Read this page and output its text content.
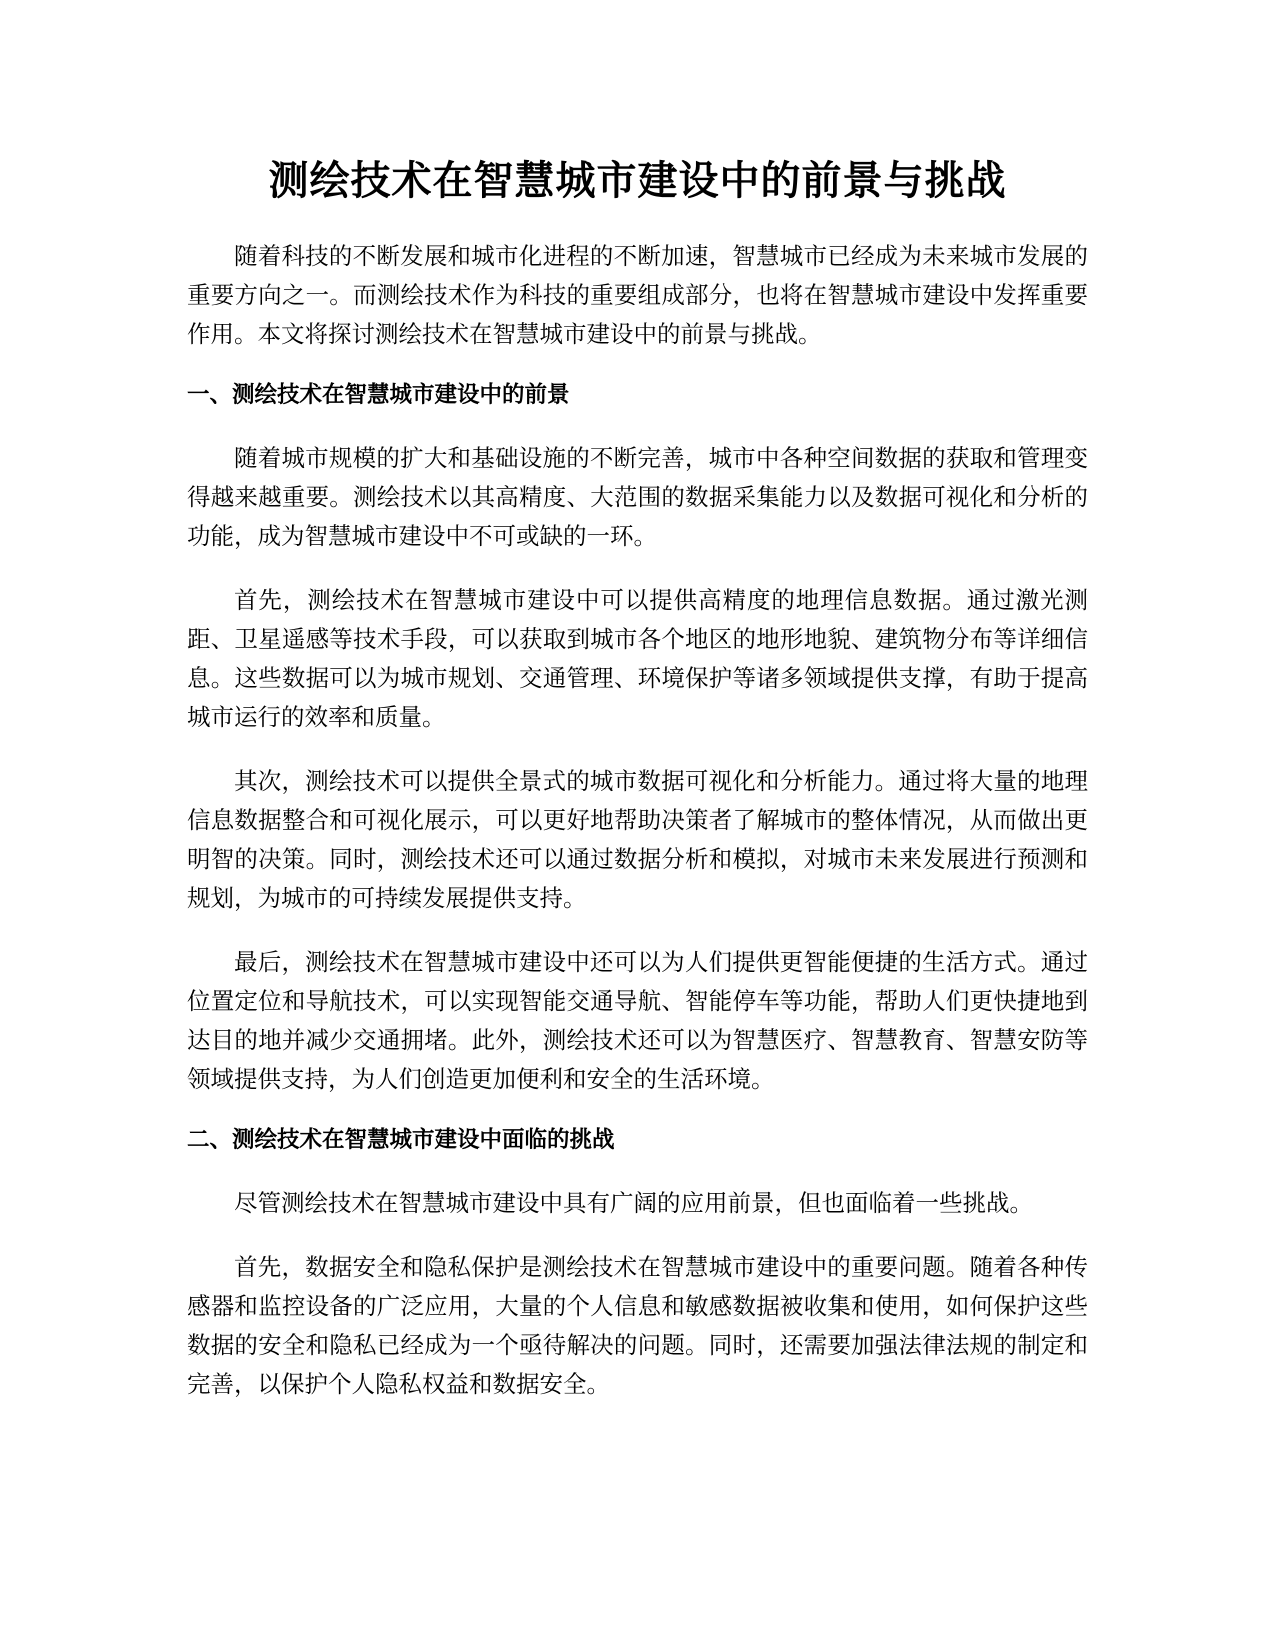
测绘技术在智慧城市建设中的前景与挑战

随着科技的不断发展和城市化进程的不断加速，智慧城市已经成为未来城市发展的重要方向之一。而测绘技术作为科技的重要组成部分，也将在智慧城市建设中发挥重要作用。本文将探讨测绘技术在智慧城市建设中的前景与挑战。

一、测绘技术在智慧城市建设中的前景

随着城市规模的扩大和基础设施的不断完善，城市中各种空间数据的获取和管理变得越来越重要。测绘技术以其高精度、大范围的数据采集能力以及数据可视化和分析的功能，成为智慧城市建设中不可或缺的一环。

首先，测绘技术在智慧城市建设中可以提供高精度的地理信息数据。通过激光测距、卫星遥感等技术手段，可以获取到城市各个地区的地形地貌、建筑物分布等详细信息。这些数据可以为城市规划、交通管理、环境保护等诸多领域提供支撑，有助于提高城市运行的效率和质量。

其次，测绘技术可以提供全景式的城市数据可视化和分析能力。通过将大量的地理信息数据整合和可视化展示，可以更好地帮助决策者了解城市的整体情况，从而做出更明智的决策。同时，测绘技术还可以通过数据分析和模拟，对城市未来发展进行预测和规划，为城市的可持续发展提供支持。

最后，测绘技术在智慧城市建设中还可以为人们提供更智能便捷的生活方式。通过位置定位和导航技术，可以实现智能交通导航、智能停车等功能，帮助人们更快捷地到达目的地并减少交通拥堵。此外，测绘技术还可以为智慧医疗、智慧教育、智慧安防等领域提供支持，为人们创造更加便利和安全的生活环境。

二、测绘技术在智慧城市建设中面临的挑战

尽管测绘技术在智慧城市建设中具有广阔的应用前景，但也面临着一些挑战。

首先，数据安全和隐私保护是测绘技术在智慧城市建设中的重要问题。随着各种传感器和监控设备的广泛应用，大量的个人信息和敏感数据被收集和使用，如何保护这些数据的安全和隐私已经成为一个亟待解决的问题。同时，还需要加强法律法规的制定和完善，以保护个人隐私权益和数据安全。
